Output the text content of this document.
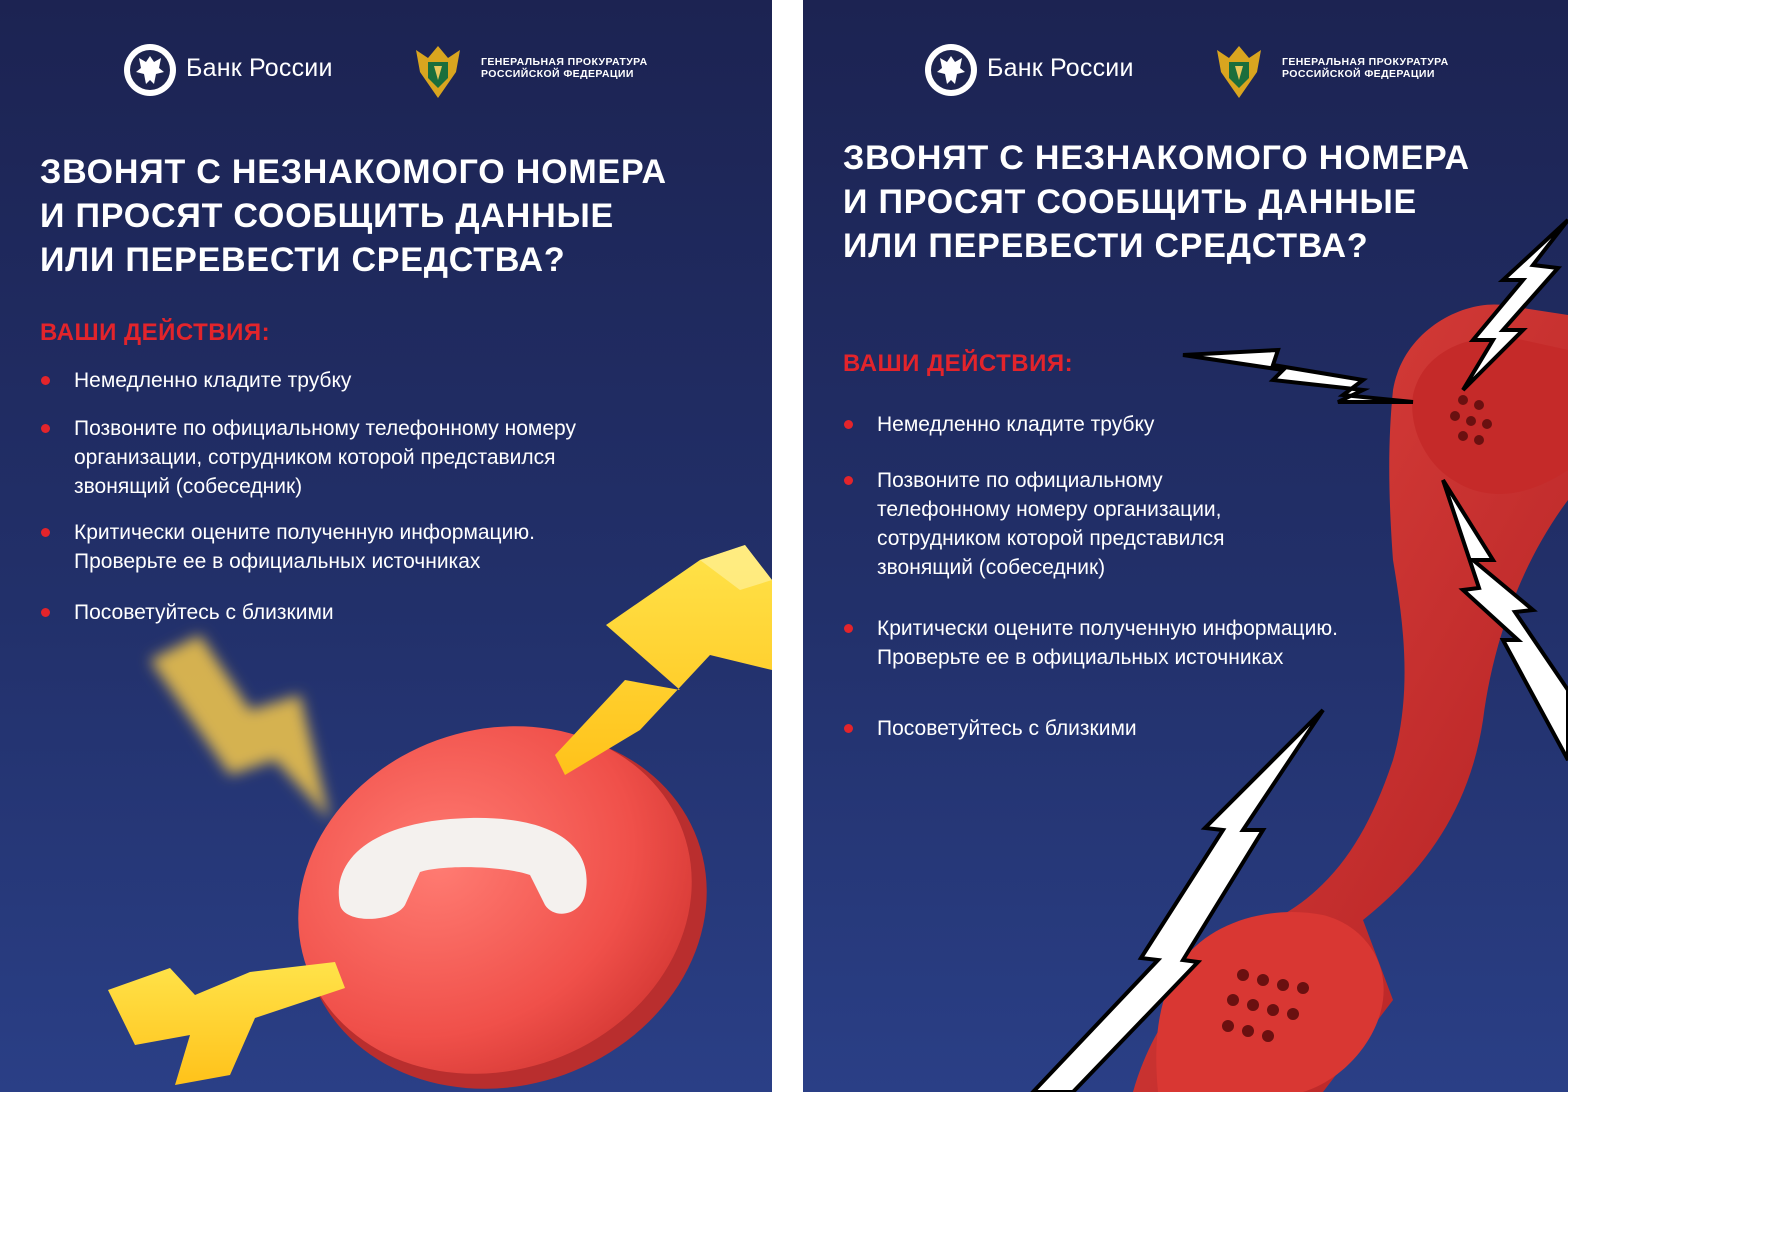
Банк России	ГЕНЕРАЛЬНАЯ ПРОКУРАТУРА
РОССИЙСКОЙ ФЕДЕРАЦИИ
ЗВОНЯТ С НЕЗНАКОМОГО НОМЕРА
И ПРОСЯТ СООБЩИТЬ ДАННЫЕ
ИЛИ ПЕРЕВЕСТИ СРЕДСТВА?
ВАШИ ДЕЙСТВИЯ:
Немедленно кладите трубку
Позвоните по официальному телефонному номеру
организации, сотрудником которой представился
звонящий (собеседник)
Критически оцените полученную информацию.
Проверьте ее в официальных источниках
Посоветуйтесь с близкими
Банк России	ГЕНЕРАЛЬНАЯ ПРОКУРАТУРА
РОССИЙСКОЙ ФЕДЕРАЦИИ
ЗВОНЯТ С НЕЗНАКОМОГО НОМЕРА
И ПРОСЯТ СООБЩИТЬ ДАННЫЕ
ИЛИ ПЕРЕВЕСТИ СРЕДСТВА?
ВАШИ ДЕЙСТВИЯ:
Немедленно кладите трубку
Позвоните по официальному
телефонному номеру организации,
сотрудником которой представился
звонящий (собеседник)
Критически оцените полученную информацию.
Проверьте ее в официальных источниках
Посоветуйтесь с близкими
